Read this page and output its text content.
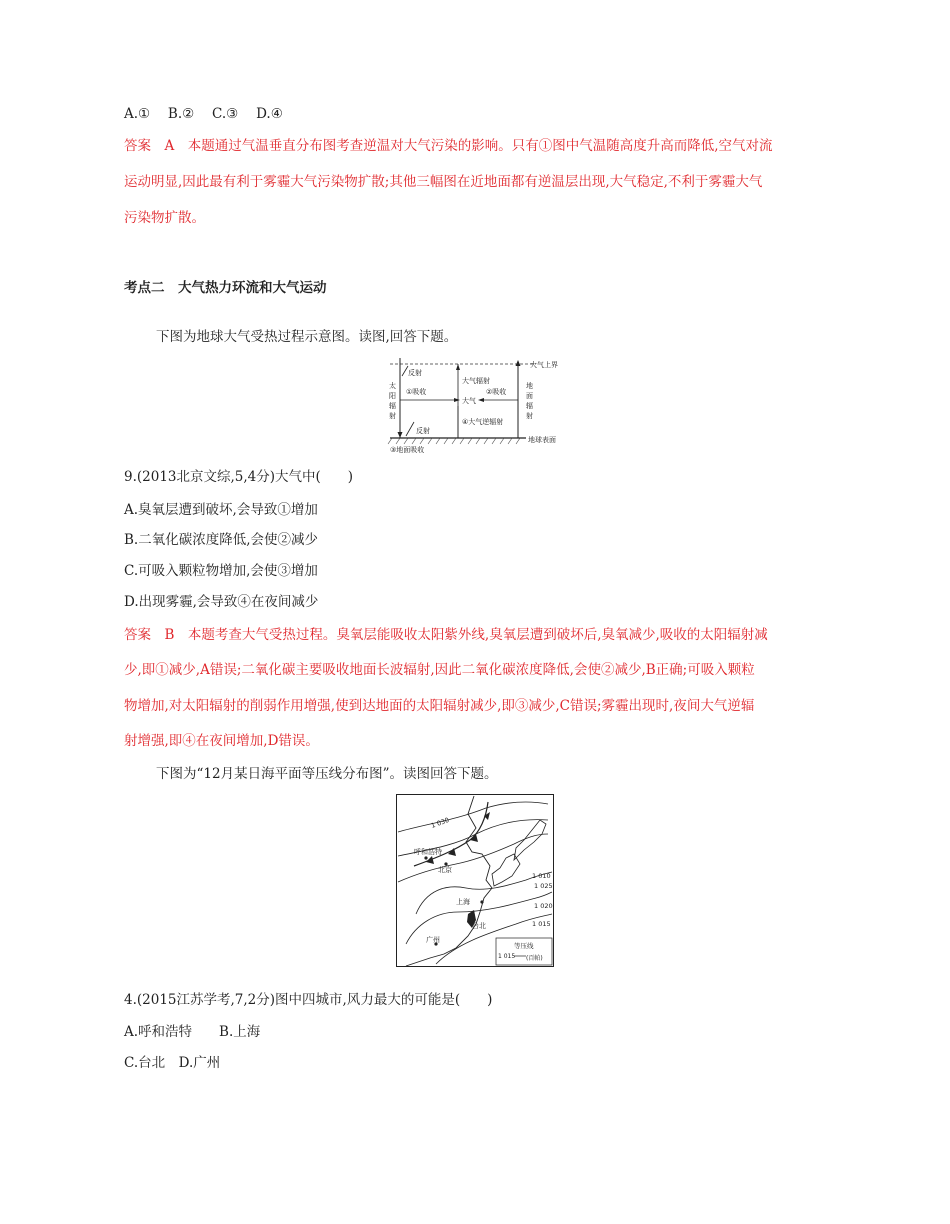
A.①　 B.②　 C.③　 D.④
答案　A　本题通过气温垂直分布图考查逆温对大气污染的影响。只有①图中气温随高度升高而降低,空气对流
运动明显,因此最有利于雾霾大气污染物扩散;其他三幅图在近地面都有逆温层出现,大气稳定,不利于雾霾大气
污染物扩散。
考点二　大气热力环流和大气运动
下图为地球大气受热过程示意图。读图,回答下题。
大气上界
地球表面
太
阳
辐
射
反射
反射
①吸收
大气
②吸收
大气辐射
④大气逆辐射
地
面
辐
射
③地面吸收
9.(2013北京文综,5,4分)大气中(　　)
A.臭氧层遭到破坏,会导致①增加
B.二氧化碳浓度降低,会使②减少
C.可吸入颗粒物增加,会使③增加
D.出现雾霾,会导致④在夜间减少
答案　B　本题考查大气受热过程。臭氧层能吸收太阳紫外线,臭氧层遭到破坏后,臭氧减少,吸收的太阳辐射减
少,即①减少,A错误;二氧化碳主要吸收地面长波辐射,因此二氧化碳浓度降低,会使②减少,B正确;可吸入颗粒
物增加,对太阳辐射的削弱作用增强,使到达地面的太阳辐射减少,即③减少,C错误;雾霾出现时,夜间大气逆辐
射增强,即④在夜间增加,D错误。
下图为“12月某日海平面等压线分布图”。读图回答下题。
1 030
1 010
1 025
1 020
1 015
呼和浩特
北京
上海
台北
广州
等压线
1 015 (百帕)
4.(2015江苏学考,7,2分)图中四城市,风力最大的可能是(　　)
A.呼和浩特　　B.上海
C.台北　D.广州
